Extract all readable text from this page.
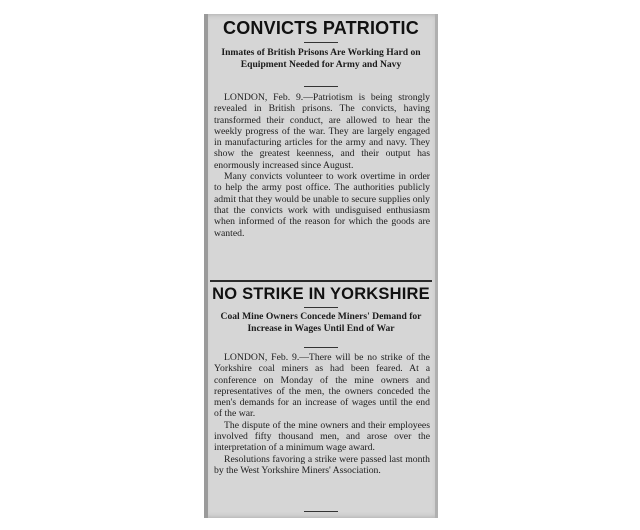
CONVICTS PATRIOTIC
Inmates of British Prisons Are Working Hard on Equipment Needed for Army and Navy

LONDON, Feb. 9.—Patriotism is being strongly revealed in British prisons. The convicts, having transformed their conduct, are allowed to hear the weekly progress of the war. They are largely engaged in manufacturing articles for the army and navy. They show the greatest keenness, and their output has enormously increased since August.

Many convicts volunteer to work overtime in order to help the army post office. The authorities publicly admit that they would be unable to secure supplies only that the convicts work with undisguised enthusiasm when informed of the reason for which the goods are wanted.

NO STRIKE IN YORKSHIRE
Coal Mine Owners Concede Miners' Demand for Increase in Wages Until End of War

LONDON, Feb. 9.—There will be no strike of the Yorkshire coal miners as had been feared. At a conference on Monday of the mine owners and representatives of the men, the owners conceded the men's demands for an increase of wages until the end of the war.

The dispute of the mine owners and their employees involved fifty thousand men, and arose over the interpretation of a minimum wage award.

Resolutions favoring a strike were passed last month by the West Yorkshire Miners' Association.
